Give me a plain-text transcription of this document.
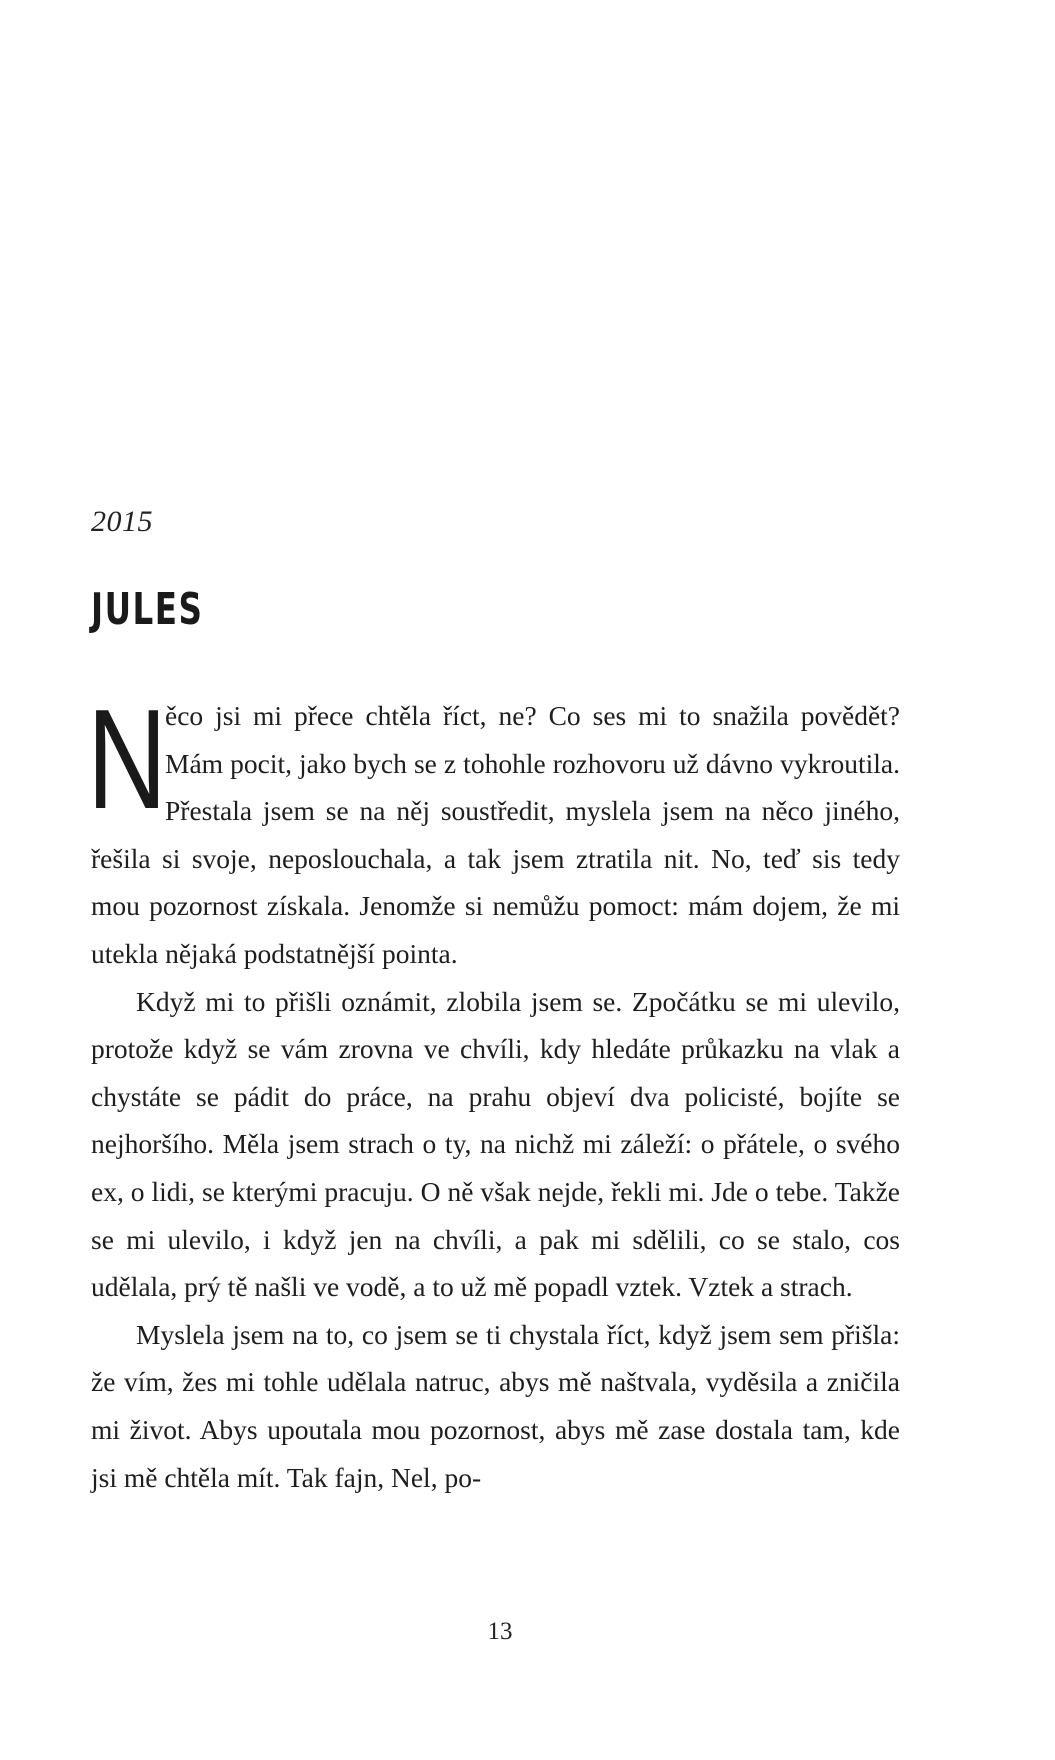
2015
JULES

N
ěco jsi mi přece chtěla říct, ne? Co ses mi to snažila povědět? Mám pocit, jako bych se z tohohle rozhovoru už dávno vykroutila. Přestala jsem se na něj soustředit, myslela jsem na něco jiného, řešila si svoje, neposlouchala, a tak jsem ztratila nit. No, teď sis tedy mou pozornost získala. Jenomže si nemůžu pomoct: mám dojem, že mi utekla nějaká podstatnější pointa.

Když mi to přišli oznámit, zlobila jsem se. Zpočátku se mi ulevilo, protože když se vám zrovna ve chvíli, kdy hledáte průkazku na vlak a chystáte se pádit do práce, na prahu objeví dva policisté, bojíte se nejhoršího. Měla jsem strach o ty, na nichž mi záleží: o přátele, o svého ex, o lidi, se kterými pracuju. O ně však nejde, řekli mi. Jde o tebe. Takže se mi ulevilo, i když jen na chvíli, a pak mi sdělili, co se stalo, cos udělala, prý tě našli ve vodě, a to už mě popadl vztek. Vztek a strach.

Myslela jsem na to, co jsem se ti chystala říct, když jsem sem přišla: že vím, žes mi tohle udělala natruc, abys mě naštvala, vyděsila a zničila mi život. Abys upoutala mou pozornost, abys mě zase dostala tam, kde jsi mě chtěla mít. Tak fajn, Nel, po-

13
